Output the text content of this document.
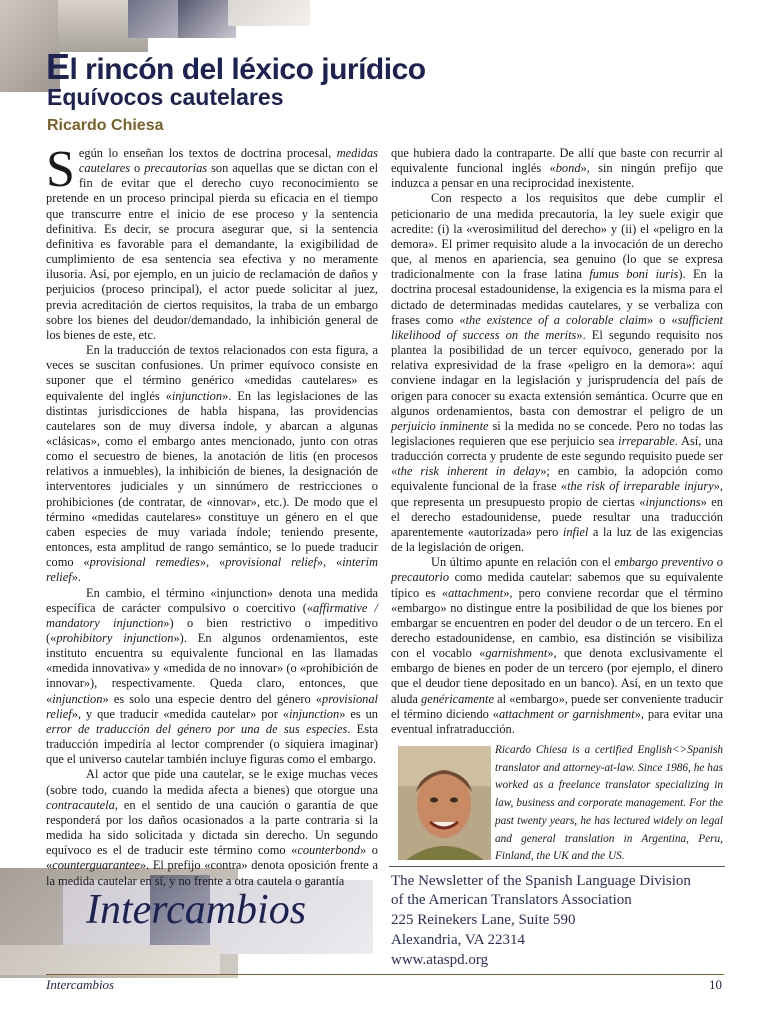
El rincón del léxico jurídico
Equívocos cautelares
Ricardo Chiesa

Según lo enseñan los textos de doctrina procesal, medidas cautelares o precautorias son aquellas que se dictan con el fin de evitar que el derecho cuyo reconocimiento se pretende en un proceso principal pierda su eficacia en el tiempo que transcurre entre el inicio de ese proceso y la sentencia definitiva. Es decir, se procura asegurar que, si la sentencia definitiva es favorable para el demandante, la exigibilidad de cumplimiento de esa sentencia sea efectiva y no meramente ilusoria. Así, por ejemplo, en un juicio de reclamación de daños y perjuicios (proceso principal), el actor puede solicitar al juez, previa acreditación de ciertos requisitos, la traba de un embargo sobre los bienes del deudor/demandado, la inhibición general de los bienes de este, etc.

En la traducción de textos relacionados con esta figura, a veces se suscitan confusiones. Un primer equívoco consiste en suponer que el término genérico «medidas cautelares» es equivalente del inglés «injunction». En las legislaciones de las distintas jurisdicciones de habla hispana, las providencias cautelares son de muy diversa índole, y abarcan a algunas «clásicas», como el embargo antes mencionado, junto con otras como el secuestro de bienes, la anotación de litis (en procesos relativos a inmuebles), la inhibición de bienes, la designación de interventores judiciales y un sinnúmero de restricciones o prohibiciones (de contratar, de «innovar», etc.). De modo que el término «medidas cautelares» constituye un género en el que caben especies de muy variada índole; teniendo presente, entonces, esta amplitud de rango semántico, se lo puede traducir como «provisional remedies», «provisional relief», «interim relief».

En cambio, el término «injunction» denota una medida específica de carácter compulsivo o coercitivo («affirmative / mandatory injunction») o bien restrictivo o impeditivo («prohibitory injunction»). En algunos ordenamientos, este instituto encuentra su equivalente funcional en las llamadas «medida innovativa» y «medida de no innovar» (o «prohibición de innovar»), respectivamente. Queda claro, entonces, que «injunction» es solo una especie dentro del género «provisional relief», y que traducir «medida cautelar» por «injunction» es un error de traducción del género por una de sus especies. Esta traducción impediría al lector comprender (o siquiera imaginar) que el universo cautelar también incluye figuras como el embargo.

Al actor que pide una cautelar, se le exige muchas veces (sobre todo, cuando la medida afecta a bienes) que otorgue una contracautela, en el sentido de una caución o garantía de que responderá por los daños ocasionados a la parte contraria si la medida ha sido solicitada y dictada sin derecho. Un segundo equívoco es el de traducir este término como «counterbond» o «counterguarantee». El prefijo «contra» denota oposición frente a la medida cautelar en sí, y no frente a otra cautela o garantía

que hubiera dado la contraparte. De allí que baste con recurrir al equivalente funcional inglés «bond», sin ningún prefijo que induzca a pensar en una reciprocidad inexistente.

Con respecto a los requisitos que debe cumplir el peticionario de una medida precautoria, la ley suele exigir que acredite: (i) la «verosimilitud del derecho» y (ii) el «peligro en la demora». El primer requisito alude a la invocación de un derecho que, al menos en apariencia, sea genuino (lo que se expresa tradicionalmente con la frase latina fumus boni iuris). En la doctrina procesal estadounidense, la exigencia es la misma para el dictado de determinadas medidas cautelares, y se verbaliza con frases como «the existence of a colorable claim» o «sufficient likelihood of success on the merits». El segundo requisito nos plantea la posibilidad de un tercer equívoco, generado por la relativa expresividad de la frase «peligro en la demora»: aquí conviene indagar en la legislación y jurisprudencia del país de origen para conocer su exacta extensión semántica. Ocurre que en algunos ordenamientos, basta con demostrar el peligro de un perjuicio inminente si la medida no se concede. Pero no todas las legislaciones requieren que ese perjuicio sea irreparable. Así, una traducción correcta y prudente de este segundo requisito puede ser «the risk inherent in delay»; en cambio, la adopción como equivalente funcional de la frase «the risk of irreparable injury», que representa un presupuesto propio de ciertas «injunctions» en el derecho estadounidense, puede resultar una traducción aparentemente «autorizada» pero infiel a la luz de las exigencias de la legislación de origen.

Un último apunte en relación con el embargo preventivo o precautorio como medida cautelar: sabemos que su equivalente típico es «attachment», pero conviene recordar que el término «embargo» no distingue entre la posibilidad de que los bienes por embargar se encuentren en poder del deudor o de un tercero. En el derecho estadounidense, en cambio, esa distinción se visibiliza con el vocablo «garnishment», que denota exclusivamente el embargo de bienes en poder de un tercero (por ejemplo, el dinero que el deudor tiene depositado en un banco). Así, en un texto que aluda genéricamente al «embargo», puede ser conveniente traducir el término diciendo «attachment or garnishment», para evitar una eventual infratraducción.

Ricardo Chiesa is a certified English<>Spanish translator and attorney-at-law. Since 1986, he has worked as a freelance translator specializing in law, business and corporate management. For the past twenty years, he has lectured widely on legal and general translation in Argentina, Peru, Finland, the UK and the US.
Intercambios
The Newsletter of the Spanish Language Division
of the American Translators Association
225 Reinekers Lane, Suite 590
Alexandria, VA 22314
www.ataspd.org
Intercambios	10
